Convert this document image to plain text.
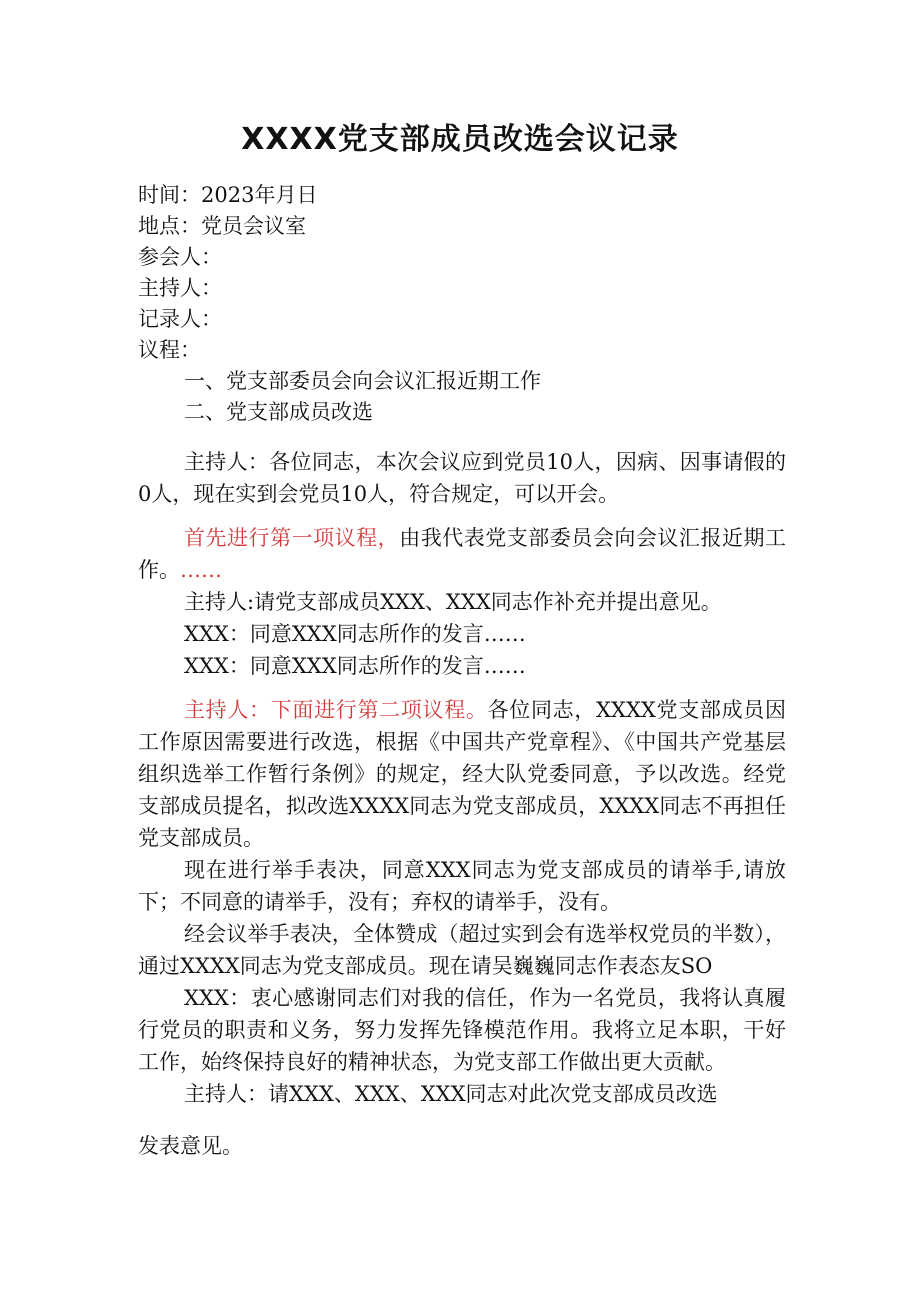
XXXX党支部成员改选会议记录
时间：2023年月日
地点：党员会议室
参会人：
主持人：
记录人：
议程：
一、党支部委员会向会议汇报近期工作
二、党支部成员改选

主持人：各位同志，本次会议应到党员10人，因病、因事请假的0人，现在实到会党员10人，符合规定，可以开会。

首先进行第一项议程，由我代表党支部委员会向会议汇报近期工作。……

主持人:请党支部成员XXX、XXX同志作补充并提出意见。

XXX：同意XXX同志所作的发言……

XXX：同意XXX同志所作的发言……

主持人：下面进行第二项议程。各位同志，XXXX党支部成员因工作原因需要进行改选，根据《中国共产党章程》、《中国共产党基层组织选举工作暂行条例》的规定，经大队党委同意，予以改选。经党支部成员提名，拟改选XXXX同志为党支部成员，XXXX同志不再担任党支部成员。

现在进行举手表决，同意XXX同志为党支部成员的请举手,请放下；不同意的请举手，没有；弃权的请举手，没有。

经会议举手表决，全体赞成（超过实到会有选举权党员的半数），通过XXXX同志为党支部成员。现在请吴巍巍同志作表态友SO

XXX：衷心感谢同志们对我的信任，作为一名党员，我将认真履行党员的职责和义务，努力发挥先锋模范作用。我将立足本职，干好工作，始终保持良好的精神状态，为党支部工作做出更大贡献。

主持人：请XXX、XXX、XXX同志对此次党支部成员改选

发表意见。
